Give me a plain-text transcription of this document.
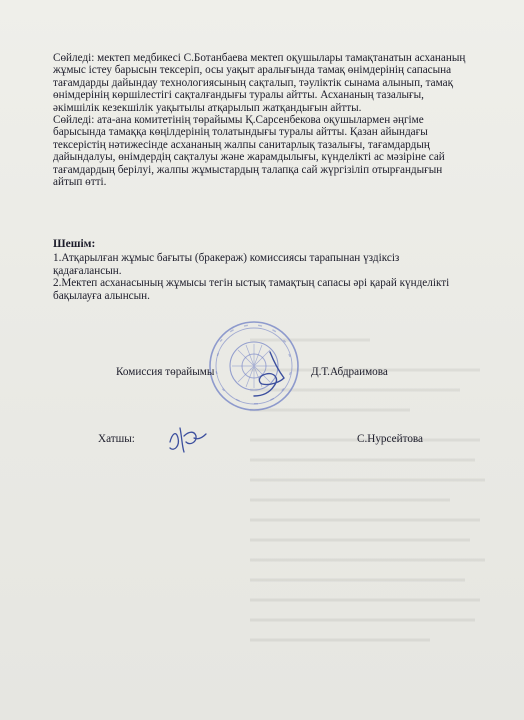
Сөйледі: мектеп медбикесі С.Ботанбаева мектеп оқушылары тамақтанатын асхананың жұмыс істеу барысын тексеріп, осы уақыт аралығында тамақ өнімдерінің сапасына тағамдарды дайындау технологиясының сақталып, тәуліктік сынама алынып, тамақ өнімдерінің көршілестігі сақталғандығы туралы айтты. Асхананың тазалығы, әкімшілік кезекшілік уақытылы атқарылып жатқандығын айтты.

Сөйледі: ата-ана комитетінің төрайымы Қ.Сарсенбекова оқушылармен әңгіме барысында тамаққа көңілдерінің толатындығы туралы айтты. Қазан айындағы тексерістің нәтижесінде асхананың жалпы санитарлық тазалығы, тағамдардың дайындалуы, өнімдердің сақталуы және жарамдылығы, күнделікті ас мәзіріне сай тағамдардың берілуі, жалпы жұмыстардың талапқа сай жүргізіліп отырғандығын айтып өтті.

Шешім:

1.Атқарылған жұмыс бағыты (бракераж) комиссиясы тарапынан үздіксіз қадағалансын.

2.Мектеп асханасының жұмысы тегін ыстық тамақтың сапасы әрі қарай күнделікті бақылауға алынсын.

Комиссия төрайымы	Д.Т.Абдраимова
Хатшы:	С.Нурсейтова
